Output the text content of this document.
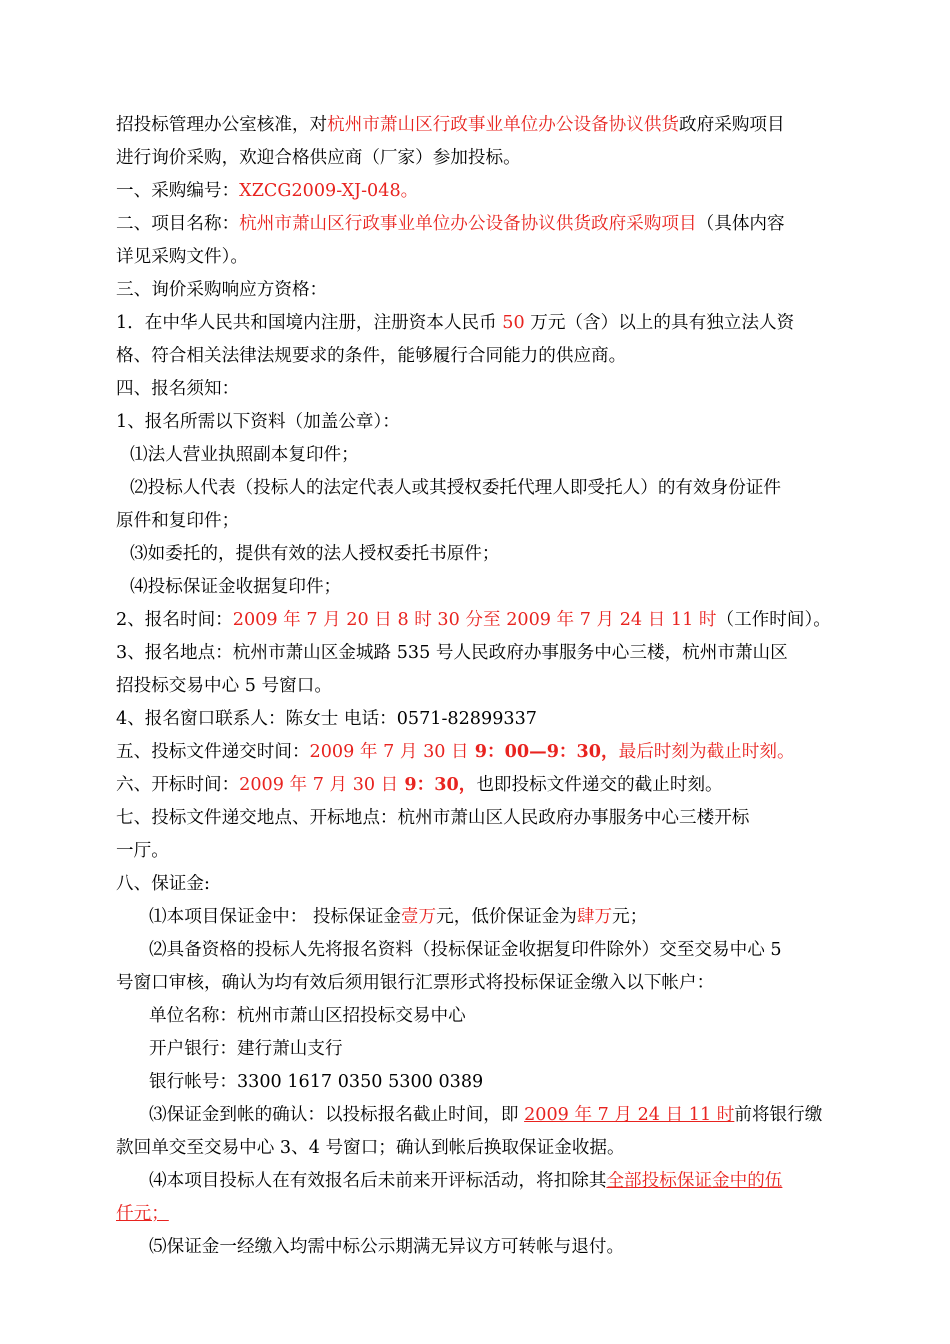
招投标管理办公室核准，对杭州市萧山区行政事业单位办公设备协议供货政府采购项目
进行询价采购，欢迎合格供应商（厂家）参加投标。
一、采购编号：XZCG2009-XJ-048。
二、项目名称：杭州市萧山区行政事业单位办公设备协议供货政府采购项目（具体内容
详见采购文件）。
三、询价采购响应方资格：
1．在中华人民共和国境内注册，注册资本人民币 50 万元（含）以上的具有独立法人资
格、符合相关法律法规要求的条件，能够履行合同能力的供应商。
四、报名须知：
1、报名所需以下资料（加盖公章）：
⑴法人营业执照副本复印件；
⑵投标人代表（投标人的法定代表人或其授权委托代理人即受托人）的有效身份证件
原件和复印件；
⑶如委托的，提供有效的法人授权委托书原件；
⑷投标保证金收据复印件；
2、报名时间：2009 年 7 月 20 日 8 时 30 分至 2009 年 7 月 24 日 11 时（工作时间）。
3、报名地点：杭州市萧山区金城路 535 号人民政府办事服务中心三楼，杭州市萧山区
招投标交易中心 5 号窗口。
4、报名窗口联系人：陈女士 电话：0571-82899337
五、投标文件递交时间：2009 年 7 月 30 日 9：00—9：30，最后时刻为截止时刻。
六、开标时间：2009 年 7 月 30 日 9：30，也即投标文件递交的截止时刻。
七、投标文件递交地点、开标地点：杭州市萧山区人民政府办事服务中心三楼开标
一厅。
八、保证金:
⑴本项目保证金中： 投标保证金壹万元，低价保证金为肆万元；
⑵具备资格的投标人先将报名资料（投标保证金收据复印件除外）交至交易中心 5
号窗口审核，确认为均有效后须用银行汇票形式将投标保证金缴入以下帐户：
单位名称：杭州市萧山区招投标交易中心
开户银行：建行萧山支行
银行帐号：3300 1617 0350 5300 0389
⑶保证金到帐的确认：以投标报名截止时间，即 2009 年 7 月 24 日 11 时前将银行缴
款回单交至交易中心 3、4 号窗口；确认到帐后换取保证金收据。
⑷本项目投标人在有效报名后未前来开评标活动，将扣除其全部投标保证金中的伍
仟元；
⑸保证金一经缴入均需中标公示期满无异议方可转帐与退付。
